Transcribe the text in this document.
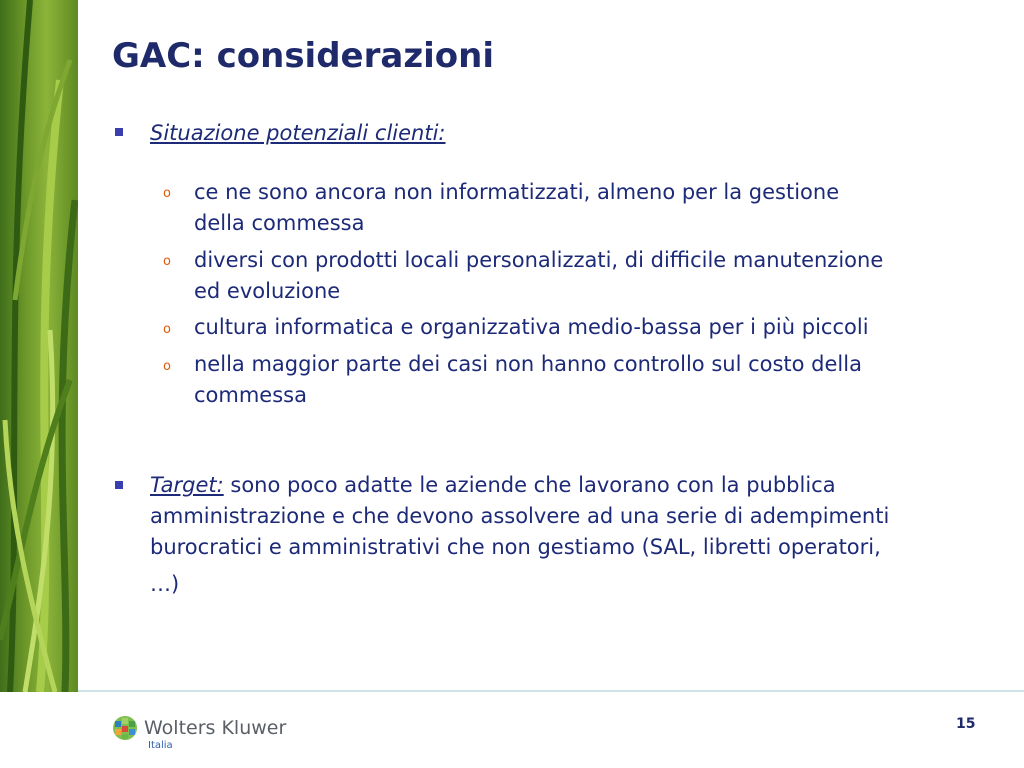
GAC: considerazioni
Situazione potenziali clienti:
o ce ne sono ancora non informatizzati, almeno per la gestione
della commessa
o diversi con prodotti locali personalizzati, di difficile manutenzione
ed evoluzione
o cultura informatica e organizzativa medio-bassa per i più piccoli
o nella maggior parte dei casi non hanno controllo sul costo della
commessa
Target: sono poco adatte le aziende che lavorano con la pubblica
amministrazione e che devono assolvere ad una serie di adempimenti
burocratici e amministrativi che non gestiamo (SAL, libretti operatori,
…)
Wolters Kluwer
Italia
15
